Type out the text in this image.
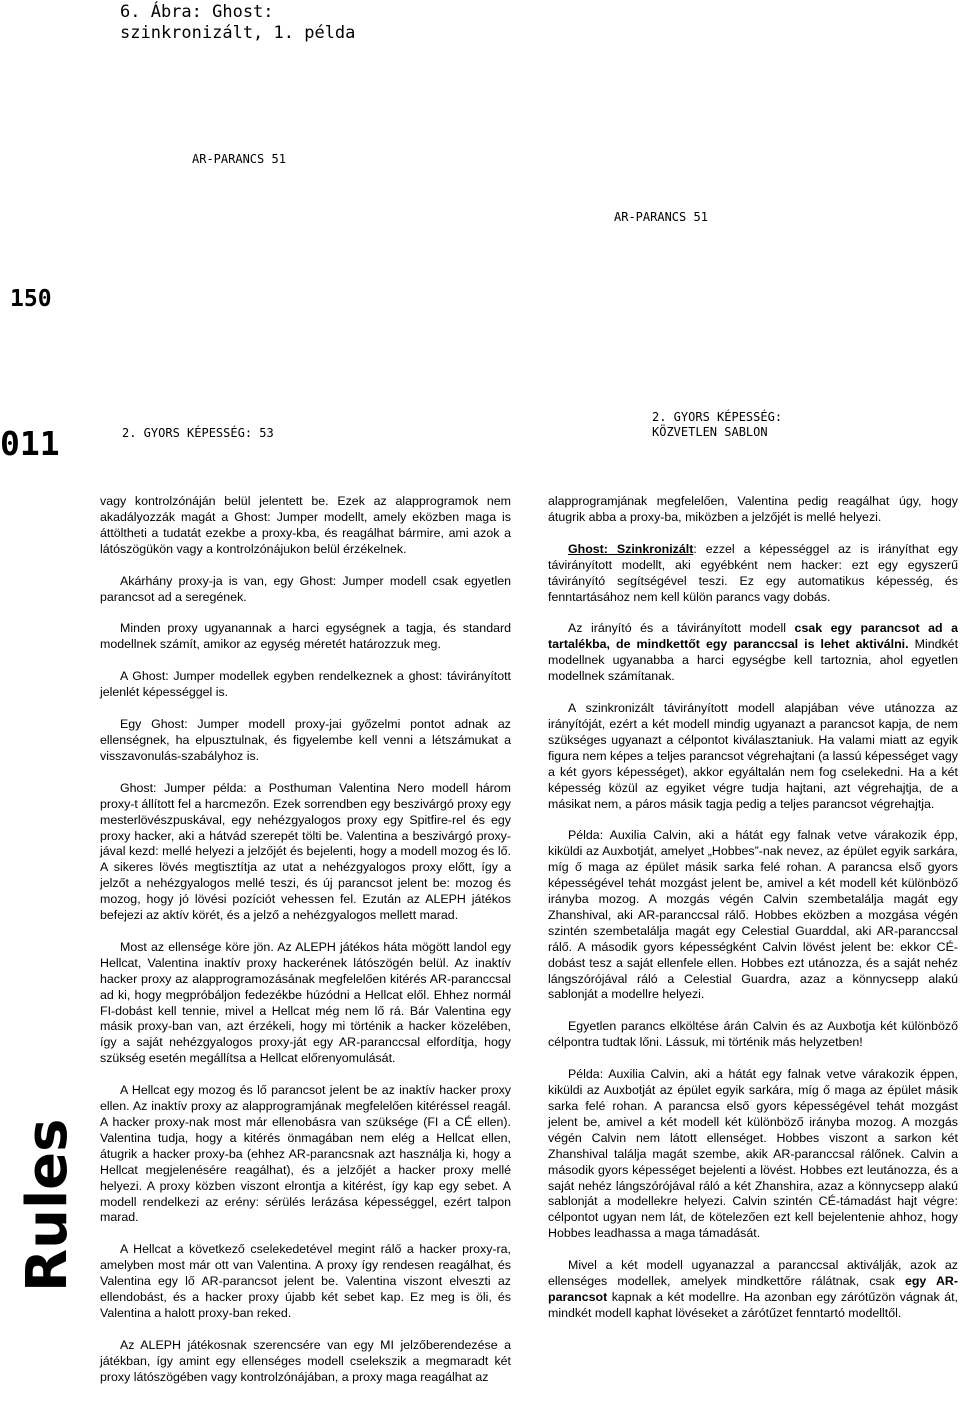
6. Ábra: Ghost: szinkronizált, 1. példa
AR-PARANCS 51
AR-PARANCS 51
150
011	2. GYORS KÉPESSÉG: 53
2. GYORS KÉPESSÉG:
KÖZVETLEN SABLON
Rules

vagy kontrolzónáján belül jelentett be. Ezek az alapprogramok nem akadályozzák magát a Ghost: Jumper modellt, amely eközben maga is áttöltheti a tudatát ezekbe a proxy-kba, és reagálhat bármire, ami azok a látószögükön vagy a kontrolzónájukon belül érzékelnek.

Akárhány proxy-ja is van, egy Ghost: Jumper modell csak egyetlen parancsot ad a seregének.

Minden proxy ugyanannak a harci egységnek a tagja, és standard modellnek számít, amikor az egység méretét határozzuk meg.

A Ghost: Jumper modellek egyben rendelkeznek a ghost: távirányított jelenlét képességgel is.

Egy Ghost: Jumper modell proxy-jai győzelmi pontot adnak az ellenségnek, ha elpusztulnak, és figyelembe kell venni a létszámukat a visszavonulás-szabályhoz is.

Ghost: Jumper példa: a Posthuman Valentina Nero modell három proxy-t állított fel a harcmezőn. Ezek sorrendben egy beszivárgó proxy egy mesterlövészpuskával, egy nehézgyalogos proxy egy Spitfire-rel és egy proxy hacker, aki a hátvád szerepét tölti be. Valentina a beszivárgó proxy-jával kezd: mellé helyezi a jelzőjét és bejelenti, hogy a modell mozog és lő. A sikeres lövés megtisztítja az utat a nehézgyalogos proxy előtt, így a jelzőt a nehézgyalogos mellé teszi, és új parancsot jelent be: mozog és mozog, hogy jó lövési pozíciót vehessen fel. Ezután az ALEPH játékos befejezi az aktív körét, és a jelző a nehézgyalogos mellett marad.

Most az ellensége köre jön. Az ALEPH játékos háta mögött landol egy Hellcat, Valentina inaktív proxy hackerének látószögén belül. Az inaktív hacker proxy az alapprogramozásának megfelelően kitérés AR-paranccsal ad ki, hogy megpróbáljon fedezékbe húzódni a Hellcat elől. Ehhez normál FI-dobást kell tennie, mivel a Hellcat még nem lő rá. Bár Valentina egy másik proxy-ban van, azt érzékeli, hogy mi történik a hacker közelében, így a saját nehézgyalogos proxy-ját egy AR-paranccsal elfordítja, hogy szükség esetén megállítsa a Hellcat előrenyomulását.

A Hellcat egy mozog és lő parancsot jelent be az inaktív hacker proxy ellen. Az inaktív proxy az alapprogramjának megfelelően kitéréssel reagál. A hacker proxy-nak most már ellenobásra van szüksége (FI a CÉ ellen). Valentina tudja, hogy a kitérés önmagában nem elég a Hellcat ellen, átugrik a hacker proxy-ba (ehhez AR-parancsnak azt használja ki, hogy a Hellcat megjelenésére reagálhat), és a jelzőjét a hacker proxy mellé helyezi. A proxy közben viszont elrontja a kitérést, így kap egy sebet. A modell rendelkezi az erény: sérülés lerázása képességgel, ezért talpon marad.

A Hellcat a következő cselekedetével megint rálő a hacker proxy-ra, amelyben most már ott van Valentina. A proxy így rendesen reagálhat, és Valentina egy lő AR-parancsot jelent be. Valentina viszont elveszti az ellendobást, és a hacker proxy újabb két sebet kap. Ez meg is öli, és Valentina a halott proxy-ban reked.

Az ALEPH játékosnak szerencsére van egy MI jelzőberendezése a játékban, így amint egy ellenséges modell cselekszik a megmaradt két proxy látószögében vagy kontrolzónájában, a proxy maga reagálhat az

alapprogramjának megfelelően, Valentina pedig reagálhat úgy, hogy átugrik abba a proxy-ba, miközben a jelzőjét is mellé helyezi.

Ghost: Szinkronizált: ezzel a képességgel az is irányíthat egy távirányított modellt, aki egyébként nem hacker: ezt egy egyszerű távirányító segítségével teszi. Ez egy automatikus képesség, és fenntartásához nem kell külön parancs vagy dobás.

Az irányító és a távirányított modell csak egy parancsot ad a tartalékba, de mindkettőt egy paranccsal is lehet aktiválni. Mindkét modellnek ugyanabba a harci egységbe kell tartoznia, ahol egyetlen modellnek számítanak.

A szinkronizált távirányított modell alapjában véve utánozza az irányítóját, ezért a két modell mindig ugyanazt a parancsot kapja, de nem szükséges ugyanazt a célpontot kiválasztaniuk. Ha valami miatt az egyik figura nem képes a teljes parancsot végrehajtani (a lassú képességet vagy a két gyors képességet), akkor egyáltalán nem fog cselekedni. Ha a két képesség közül az egyiket végre tudja hajtani, azt végrehajtja, de a másikat nem, a páros másik tagja pedig a teljes parancsot végrehajtja.

Példa: Auxilia Calvin, aki a hátát egy falnak vetve várakozik épp, kiküldi az Auxbotját, amelyet „Hobbes”-nak nevez, az épület egyik sarkára, míg ő maga az épület másik sarka felé rohan. A parancsa első gyors képességével tehát mozgást jelent be, amivel a két modell két különböző irányba mozog. A mozgás végén Calvin szembetalálja magát egy Zhanshival, aki AR-paranccsal rálő. Hobbes eközben a mozgása végén szintén szembetalálja magát egy Celestial Guarddal, aki AR-paranccsal rálő. A második gyors képességként Calvin lövést jelent be: ekkor CÉ-dobást tesz a saját ellenfele ellen. Hobbes ezt utánozza, és a saját nehéz lángszórójával ráló a Celestial Guardra, azaz a könnycsepp alakú sablonját a modellre helyezi.

Egyetlen parancs elköltése árán Calvin és az Auxbotja két különböző célpontra tudtak lőni. Lássuk, mi történik más helyzetben!

Példa: Auxilia Calvin, aki a hátát egy falnak vetve várakozik éppen, kiküldi az Auxbotját az épület egyik sarkára, míg ő maga az épület másik sarka felé rohan. A parancsa első gyors képességével tehát mozgást jelent be, amivel a két modell két különböző irányba mozog. A mozgás végén Calvin nem látott ellenséget. Hobbes viszont a sarkon két Zhanshival találja magát szembe, akik AR-paranccsal rálőnek. Calvin a második gyors képességet bejelenti a lövést. Hobbes ezt leutánozza, és a saját nehéz lángszórójával ráló a két Zhanshira, azaz a könnycsepp alakú sablonját a modellekre helyezi. Calvin szintén CÉ-támadást hajt végre: célpontot ugyan nem lát, de kötelezően ezt kell bejelentenie ahhoz, hogy Hobbes leadhassa a maga támadását.

Mivel a két modell ugyanazzal a paranccsal aktiválják, azok az ellenséges modellek, amelyek mindkettőre rálátnak, csak egy AR-parancsot kapnak a két modellre. Ha azonban egy zárótűzön vágnak át, mindkét modell kaphat lövéseket a zárótűzet fenntartó modelltől.
